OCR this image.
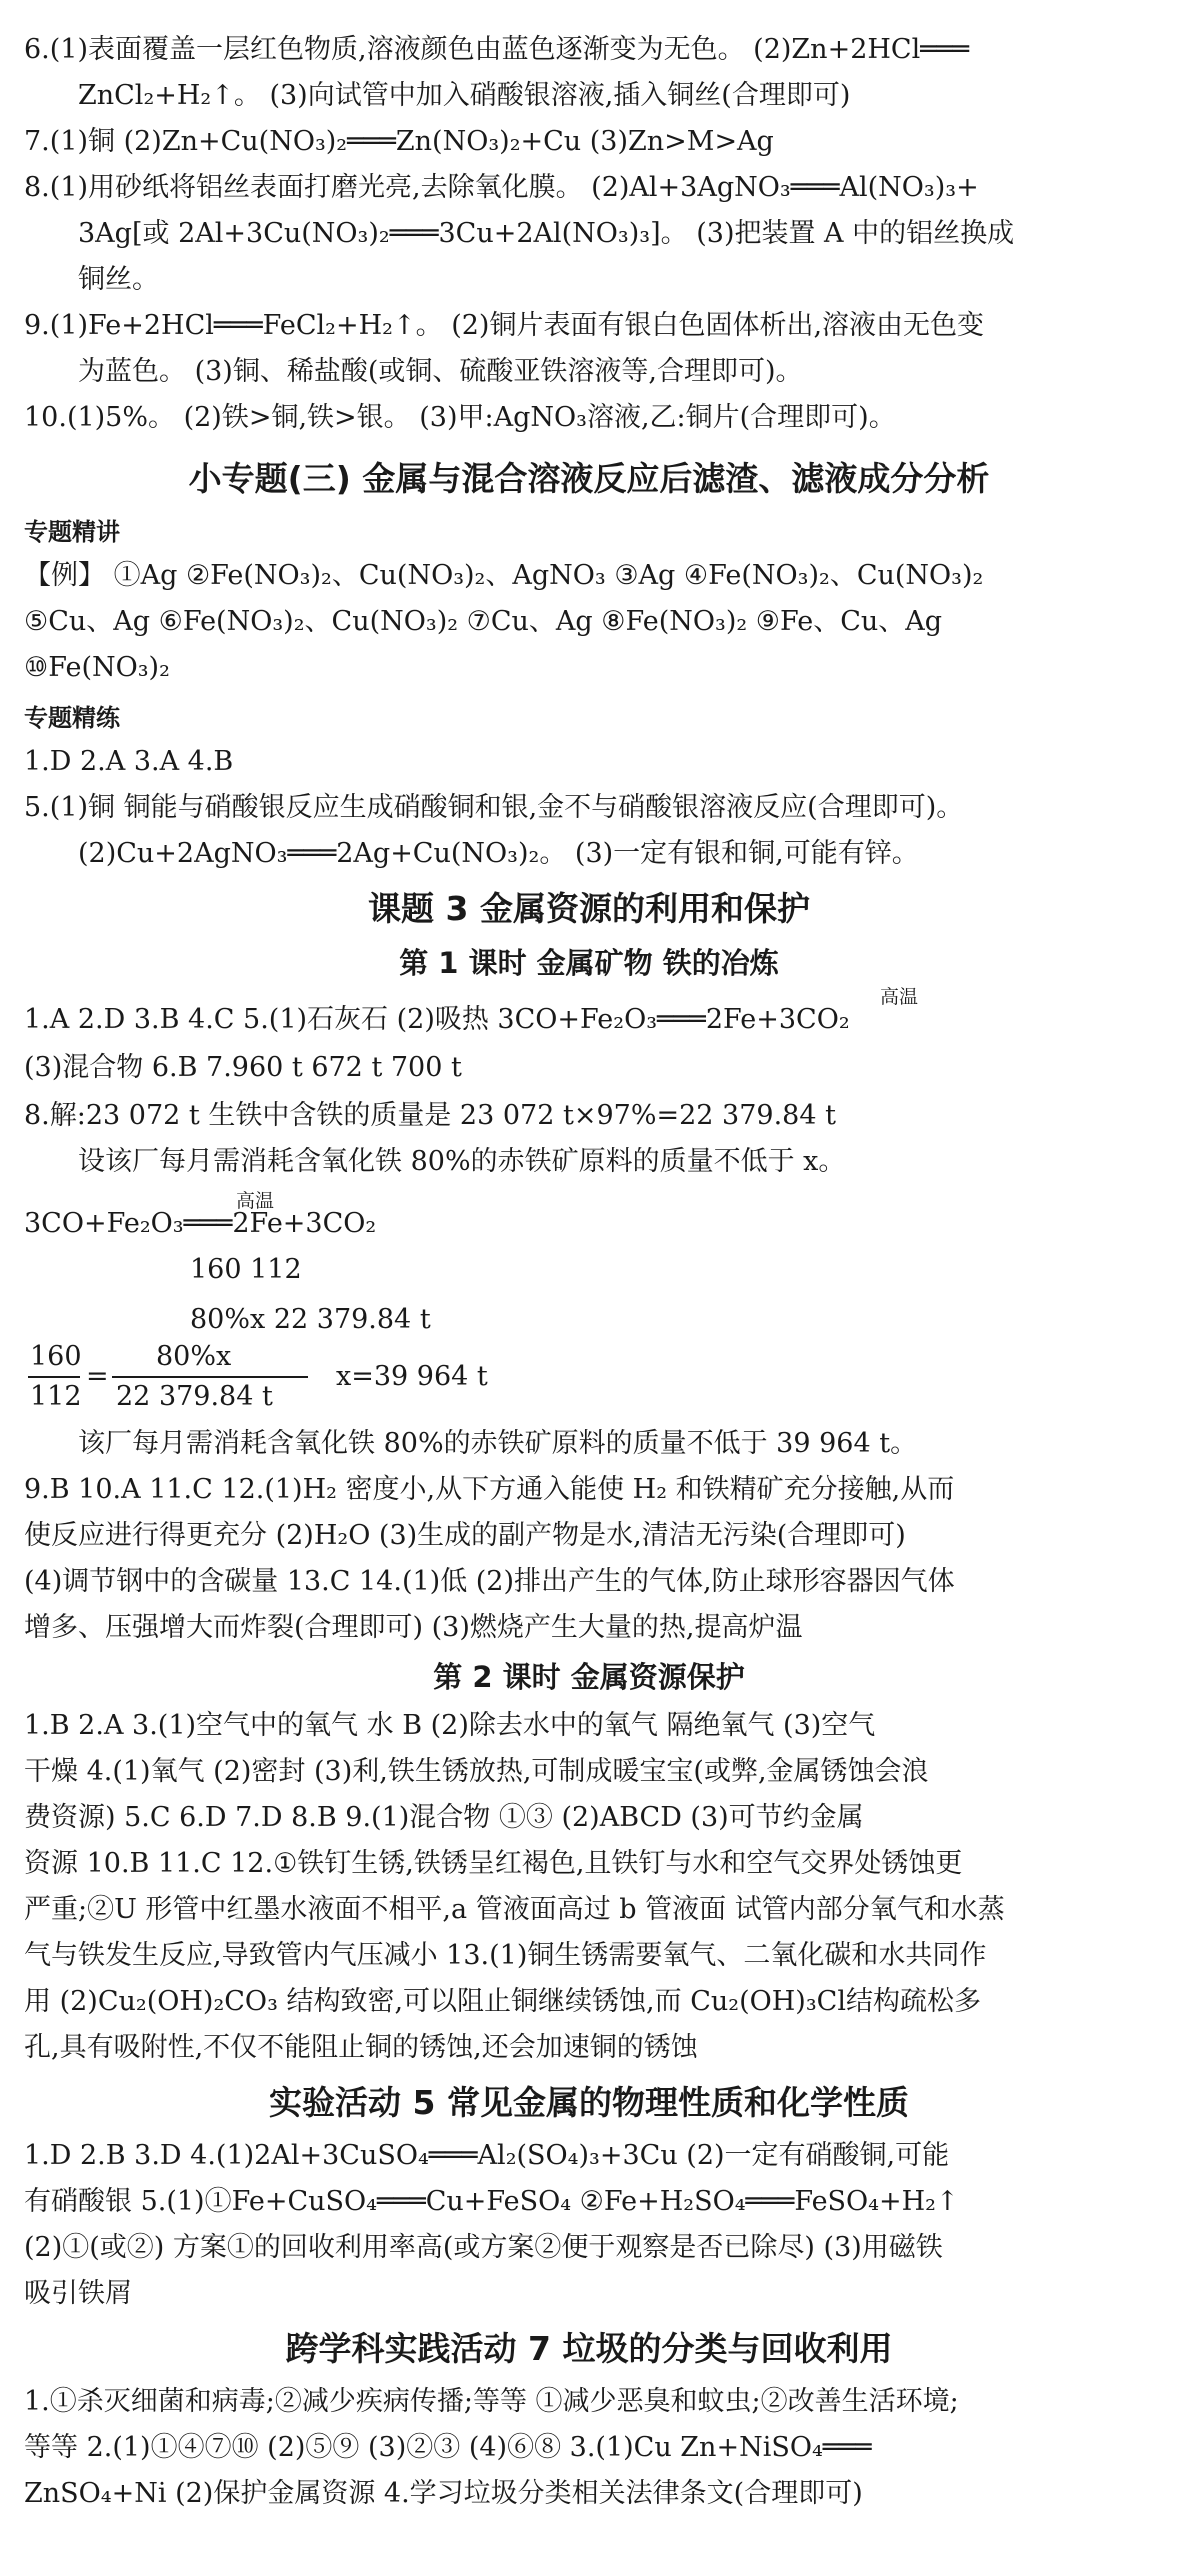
6.(1)表面覆盖一层红色物质,溶液颜色由蓝色逐渐变为无色。 (2)Zn+2HCl═══
ZnCl₂+H₂↑。 (3)向试管中加入硝酸银溶液,插入铜丝(合理即可)
7.(1)铜 (2)Zn+Cu(NO₃)₂═══Zn(NO₃)₂+Cu (3)Zn>M>Ag
8.(1)用砂纸将铝丝表面打磨光亮,去除氧化膜。 (2)Al+3AgNO₃═══Al(NO₃)₃+
3Ag[或 2Al+3Cu(NO₃)₂═══3Cu+2Al(NO₃)₃]。 (3)把装置 A 中的铝丝换成
铜丝。
9.(1)Fe+2HCl═══FeCl₂+H₂↑。 (2)铜片表面有银白色固体析出,溶液由无色变
为蓝色。 (3)铜、稀盐酸(或铜、硫酸亚铁溶液等,合理即可)。
10.(1)5%。 (2)铁>铜,铁>银。 (3)甲:AgNO₃溶液,乙:铜片(合理即可)。
小专题(三) 金属与混合溶液反应后滤渣、滤液成分分析
专题精讲
【例】 ①Ag ②Fe(NO₃)₂、Cu(NO₃)₂、AgNO₃ ③Ag ④Fe(NO₃)₂、Cu(NO₃)₂
⑤Cu、Ag ⑥Fe(NO₃)₂、Cu(NO₃)₂ ⑦Cu、Ag ⑧Fe(NO₃)₂ ⑨Fe、Cu、Ag
⑩Fe(NO₃)₂
专题精练
1.D 2.A 3.A 4.B
5.(1)铜 铜能与硝酸银反应生成硝酸铜和银,金不与硝酸银溶液反应(合理即可)。
(2)Cu+2AgNO₃═══2Ag+Cu(NO₃)₂。 (3)一定有银和铜,可能有锌。
课题 3 金属资源的利用和保护
第 1 课时 金属矿物 铁的冶炼
1.A 2.D 3.B 4.C 5.(1)石灰石 (2)吸热 3CO+Fe₂O₃═══2Fe+3CO₂
高温
(3)混合物 6.B 7.960 t 672 t 700 t
8.解:23 072 t 生铁中含铁的质量是 23 072 t×97%=22 379.84 t
设该厂每月需消耗含氧化铁 80%的赤铁矿原料的质量不低于 x。
3CO+Fe₂O₃═══2Fe+3CO₂
高温
160 112
80%x 22 379.84 t
160
112
=
80%x
22 379.84 t
x=39 964 t
该厂每月需消耗含氧化铁 80%的赤铁矿原料的质量不低于 39 964 t。
9.B 10.A 11.C 12.(1)H₂ 密度小,从下方通入能使 H₂ 和铁精矿充分接触,从而
使反应进行得更充分 (2)H₂O (3)生成的副产物是水,清洁无污染(合理即可)
(4)调节钢中的含碳量 13.C 14.(1)低 (2)排出产生的气体,防止球形容器因气体
增多、压强增大而炸裂(合理即可) (3)燃烧产生大量的热,提高炉温
第 2 课时 金属资源保护
1.B 2.A 3.(1)空气中的氧气 水 B (2)除去水中的氧气 隔绝氧气 (3)空气
干燥 4.(1)氧气 (2)密封 (3)利,铁生锈放热,可制成暖宝宝(或弊,金属锈蚀会浪
费资源) 5.C 6.D 7.D 8.B 9.(1)混合物 ①③ (2)ABCD (3)可节约金属
资源 10.B 11.C 12.①铁钉生锈,铁锈呈红褐色,且铁钉与水和空气交界处锈蚀更
严重;②U 形管中红墨水液面不相平,a 管液面高过 b 管液面 试管内部分氧气和水蒸
气与铁发生反应,导致管内气压减小 13.(1)铜生锈需要氧气、二氧化碳和水共同作
用 (2)Cu₂(OH)₂CO₃ 结构致密,可以阻止铜继续锈蚀,而 Cu₂(OH)₃Cl结构疏松多
孔,具有吸附性,不仅不能阻止铜的锈蚀,还会加速铜的锈蚀
实验活动 5 常见金属的物理性质和化学性质
1.D 2.B 3.D 4.(1)2Al+3CuSO₄═══Al₂(SO₄)₃+3Cu (2)一定有硝酸铜,可能
有硝酸银 5.(1)①Fe+CuSO₄═══Cu+FeSO₄ ②Fe+H₂SO₄═══FeSO₄+H₂↑
(2)①(或②) 方案①的回收利用率高(或方案②便于观察是否已除尽) (3)用磁铁
吸引铁屑
跨学科实践活动 7 垃圾的分类与回收利用
1.①杀灭细菌和病毒;②减少疾病传播;等等 ①减少恶臭和蚊虫;②改善生活环境;
等等 2.(1)①④⑦⑩ (2)⑤⑨ (3)②③ (4)⑥⑧ 3.(1)Cu Zn+NiSO₄═══
ZnSO₄+Ni (2)保护金属资源 4.学习垃圾分类相关法律条文(合理即可)
